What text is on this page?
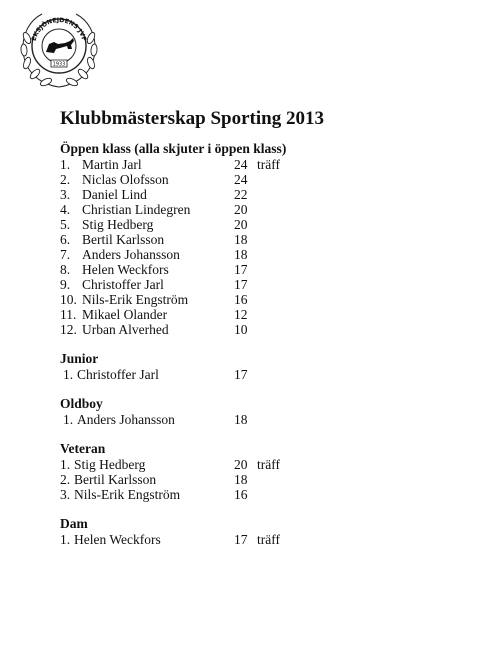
EKSJÖNEJDENS JVF
1933
Klubbmästerskap Sporting 2013
Öppen klass (alla skjuter i öppen klass)
1. Martin Jarl	24 träff
2. Niclas Olofsson	24
3. Daniel Lind	22
4. Christian Lindegren	20
5. Stig Hedberg	20
6. Bertil Karlsson	18
7. Anders Johansson	18
8. Helen Weckfors	17
9. Christoffer Jarl	17
10. Nils-Erik Engström	16
11. Mikael Olander	12
12. Urban Alverhed	10
Junior
1. Christoffer Jarl	17
Oldboy
1. Anders Johansson	18
Veteran
1. Stig Hedberg	20 träff
2. Bertil Karlsson	18
3. Nils-Erik Engström	16
Dam
1. Helen Weckfors	17 träff
